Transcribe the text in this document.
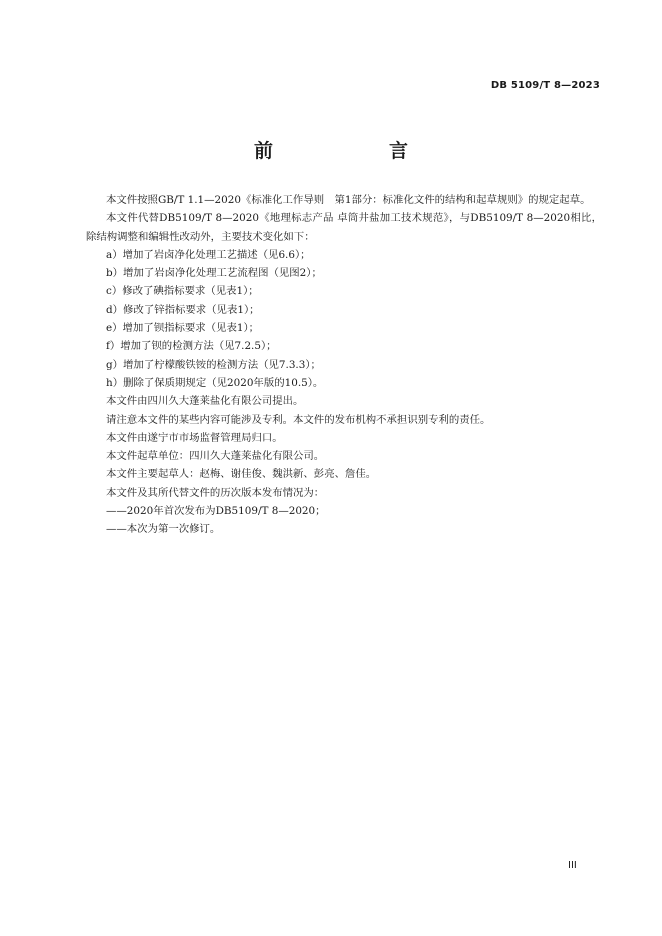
DB 5109/T 8—2023
前　　言

本文件按照GB/T 1.1—2020《标准化工作导则　第1部分：标准化文件的结构和起草规则》的规定起草。

本文件代替DB5109/T 8—2020《地理标志产品 卓筒井盐加工技术规范》，与DB5109/T 8—2020相比，除结构调整和编辑性改动外，主要技术变化如下：

a）增加了岩卤净化处理工艺描述（见6.6）；

b）增加了岩卤净化处理工艺流程图（见图2）；

c）修改了碘指标要求（见表1）；

d）修改了锌指标要求（见表1）；

e）增加了钡指标要求（见表1）；

f）增加了钡的检测方法（见7.2.5）；

g）增加了柠檬酸铁铵的检测方法（见7.3.3）；

h）删除了保质期规定（见2020年版的10.5）。

本文件由四川久大蓬莱盐化有限公司提出。

请注意本文件的某些内容可能涉及专利。本文件的发布机构不承担识别专利的责任。

本文件由遂宁市市场监督管理局归口。

本文件起草单位：四川久大蓬莱盐化有限公司。

本文件主要起草人：赵梅、谢佳俊、魏洪新、彭亮、詹佳。

本文件及其所代替文件的历次版本发布情况为：

——2020年首次发布为DB5109/T 8—2020；

——本次为第一次修订。

III
